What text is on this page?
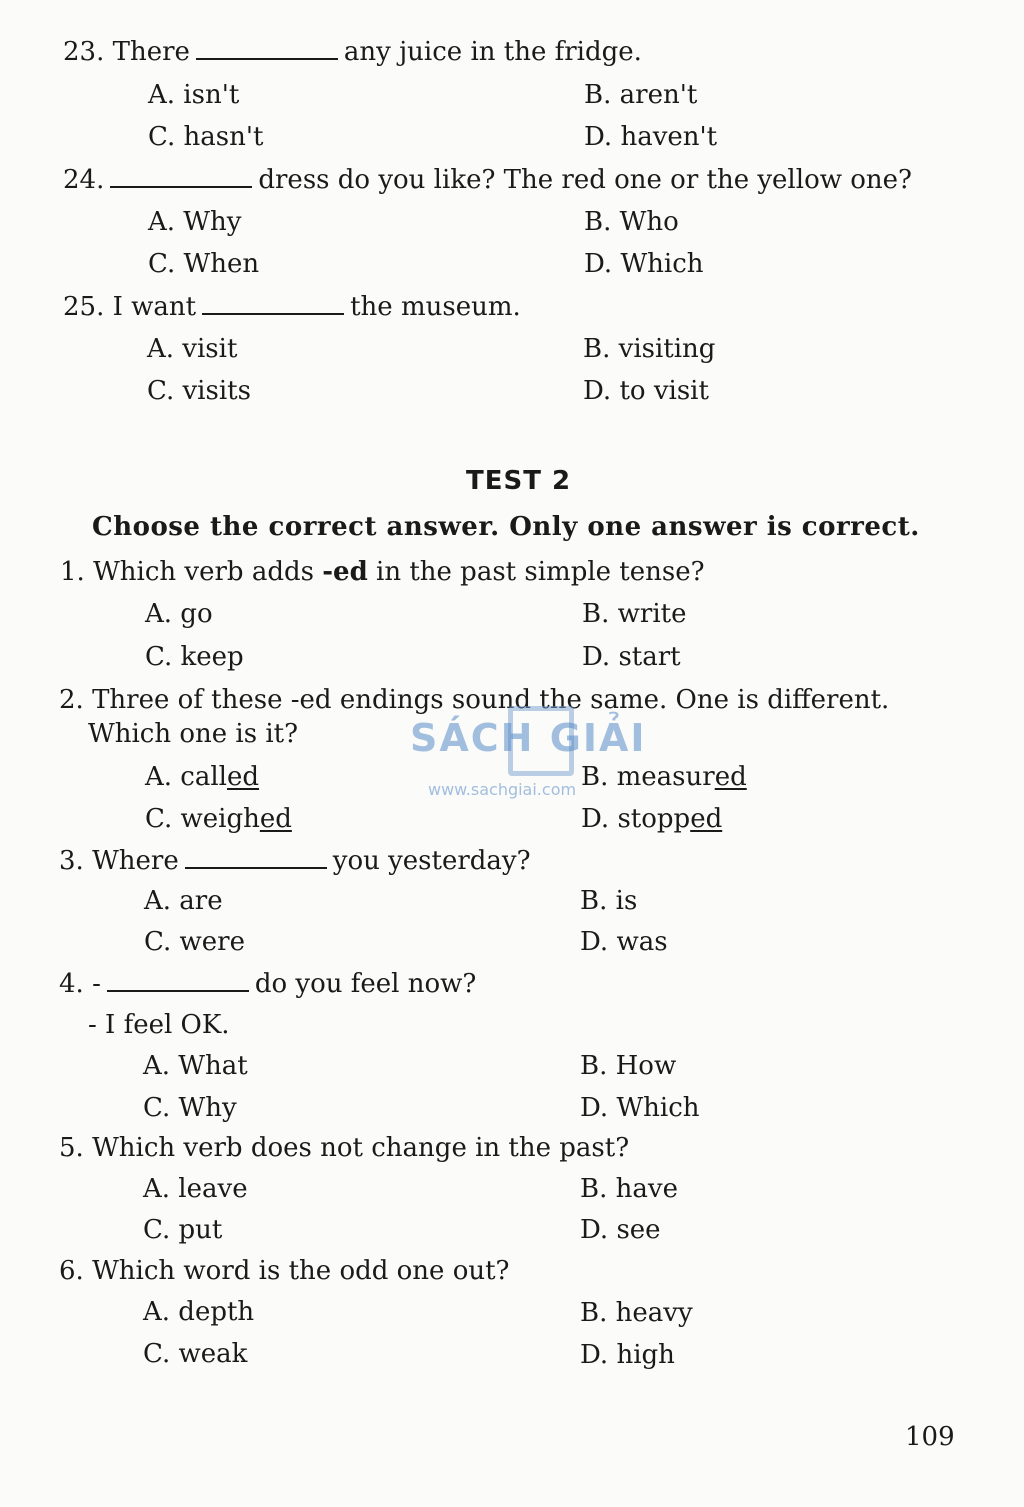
23. There	any juice in the fridge.
A. isn't	B. aren't
C. hasn't	D. haven't
24.	dress do you like? The red one or the yellow one?
A. Why	B. Who
C. When	D. Which
25. I want	the museum.
A. visit	B. visiting
C. visits	D. to visit
TEST 2
Choose the correct answer. Only one answer is correct.
1. Which verb adds -ed in the past simple tense?
A. go	B. write
C. keep	D. start
2. Three of these -ed endings sound the same. One is different.
Which one is it?
A. called	B. measured
C. weighed	D. stopped
3. Where	you yesterday?
A. are	B. is
C. were	D. was
4. -	do you feel now?
- I feel OK.
A. What	B. How
C. Why	D. Which
5. Which verb does not change in the past?
A. leave	B. have
C. put	D. see
6. Which word is the odd one out?
A. depth	B. heavy
C. weak	D. high
SÁCH GIẢI
www.sachgiai.com
109
